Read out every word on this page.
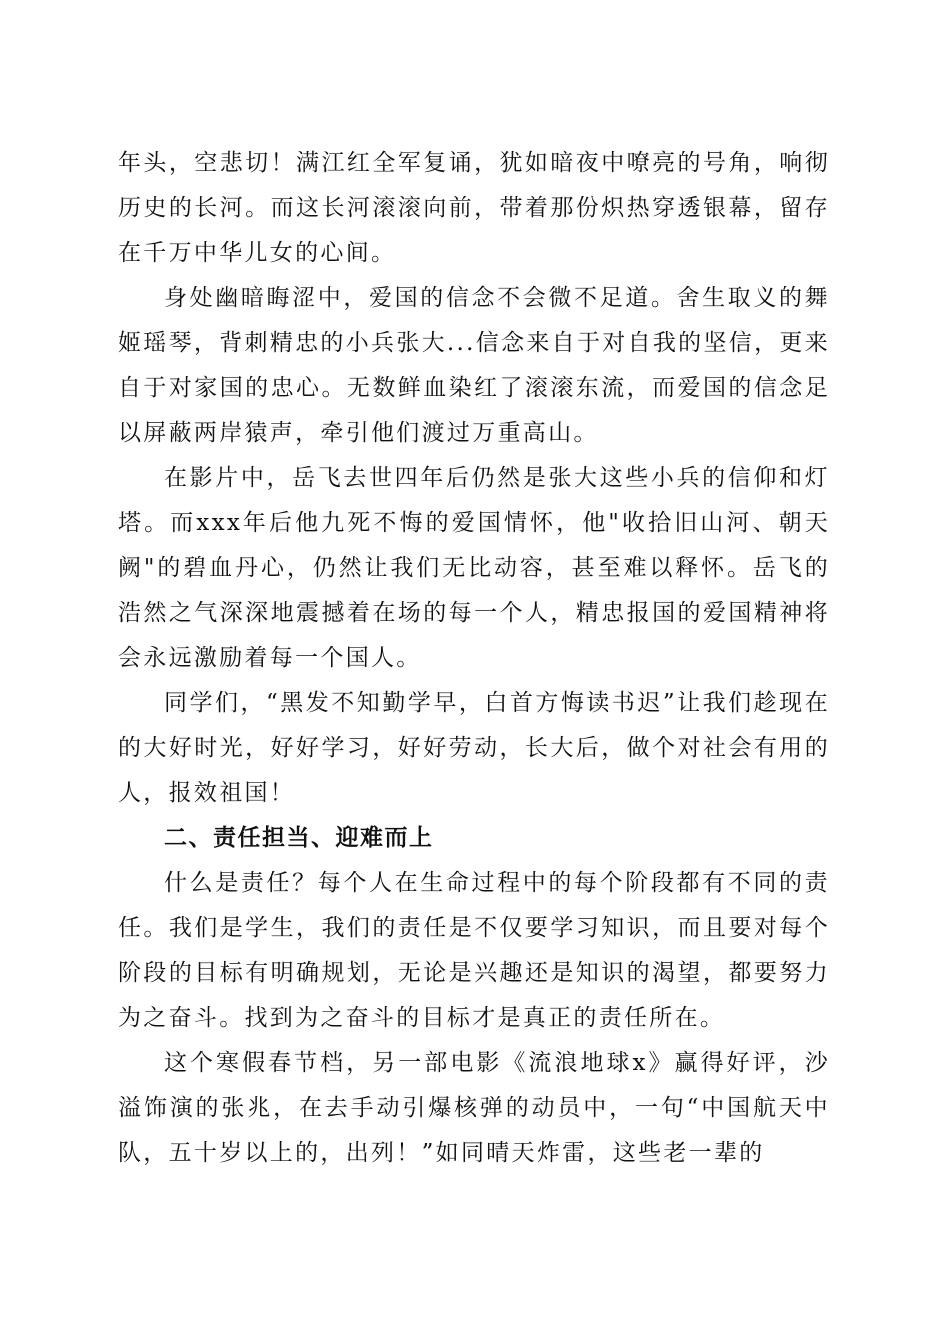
年头，空悲切！满江红全军复诵，犹如暗夜中嘹亮的号角，响彻历史的长河。而这长河滚滚向前，带着那份炽热穿透银幕，留存在千万中华儿女的心间。

身处幽暗晦涩中，爱国的信念不会微不足道。舍生取义的舞姬瑶琴，背刺精忠的小兵张大...信念来自于对自我的坚信，更来自于对家国的忠心。无数鲜血染红了滚滚东流，而爱国的信念足以屏蔽两岸猿声，牵引他们渡过万重高山。

在影片中，岳飞去世四年后仍然是张大这些小兵的信仰和灯塔。而xxx年后他九死不悔的爱国情怀，他"收拾旧山河、朝天阙"的碧血丹心，仍然让我们无比动容，甚至难以释怀。岳飞的浩然之气深深地震撼着在场的每一个人，精忠报国的爱国精神将会永远激励着每一个国人。

同学们，“黑发不知勤学早，白首方悔读书迟”让我们趁现在的大好时光，好好学习，好好劳动，长大后，做个对社会有用的人，报效祖国！

二、责任担当、迎难而上

什么是责任？每个人在生命过程中的每个阶段都有不同的责任。我们是学生，我们的责任是不仅要学习知识，而且要对每个阶段的目标有明确规划，无论是兴趣还是知识的渴望，都要努力为之奋斗。找到为之奋斗的目标才是真正的责任所在。

这个寒假春节档，另一部电影《流浪地球x》赢得好评，沙溢饰演的张兆，在去手动引爆核弹的动员中，一句“中国航天中队，五十岁以上的，出列！”如同晴天炸雷，这些老一辈的
